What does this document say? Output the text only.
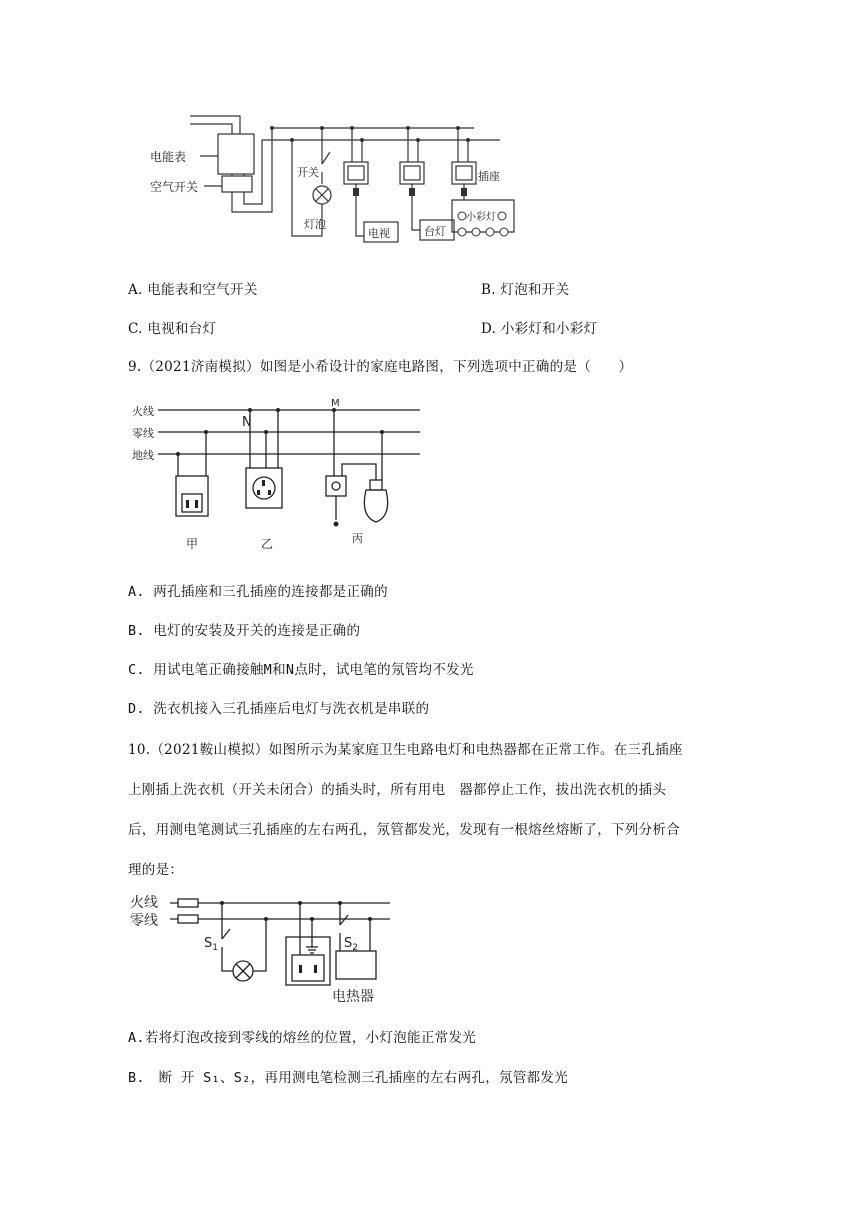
电能表
空气开关
开关
灯泡
电视	台灯
插座
小彩灯
A. 电能表和空气开关	B. 灯泡和开关
C. 电视和台灯	D. 小彩灯和小彩灯
9.（2021济南模拟）如图是小希设计的家庭电路图，下列选项中正确的是（　　）
火线
零线
地线
N
M
甲	乙	丙
A. 两孔插座和三孔插座的连接都是正确的
B. 电灯的安装及开关的连接是正确的
C. 用试电笔正确接触M和N点时，试电笔的氖管均不发光
D. 洗衣机接入三孔插座后电灯与洗衣机是串联的
10.（2021鞍山模拟）如图所示为某家庭卫生电路电灯和电热器都在正常工作。在三孔插座
上刚插上洗衣机（开关未闭合）的插头时，所有用电　器都停止工作，拔出洗衣机的插头
后，用测电笔测试三孔插座的左右两孔，氖管都发光，发现有一根熔丝熔断了，下列分析合
理的是：
火线
零线
$S_1$	$S_2$
电热器
A.若将灯泡改接到零线的熔丝的位置，小灯泡能正常发光
B.　断 开 S₁、S₂，再用测电笔检测三孔插座的左右两孔，氖管都发光
